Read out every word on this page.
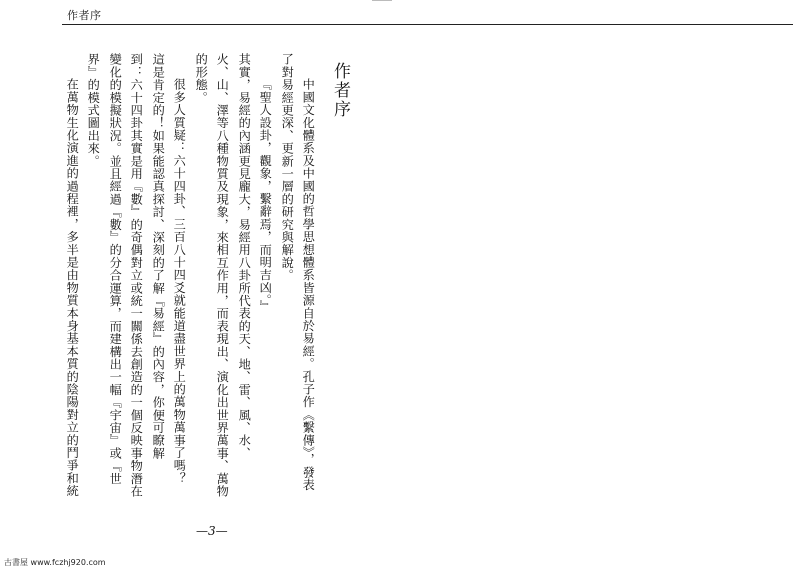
作者序
作者序
中國文化體系及中國的哲學思想體系皆源自於易經。孔子作《繫傳》，發表
了對易經更深、更新一層的研究與解說。
『聖人設卦，觀象，繫辭焉，而明吉凶。』
其實，易經的內涵更見龐大，易經用八卦所代表的天、地、雷、風、水、
火、山、澤等八種物質及現象，來相互作用，而表現出、演化出世界萬事、萬物
的形態。
很多人質疑：六十四卦、三百八十四爻就能道盡世界上的萬物萬事了嗎？
這是肯定的！如果能認真探討、深刻的了解『易經』的內容，你便可瞭解
到：六十四卦其實是用『數』的奇偶對立或統一關係去創造的一個反映事物潛在
變化的模擬狀況。並且經過『數』的分合運算，而建構出一幅『宇宙』或『世
界』的模式圖出來。
在萬物生化演進的過程裡，多半是由物質本身基本質的陰陽對立的鬥爭和統
—3—
古書屋 www.fczhj920.com
